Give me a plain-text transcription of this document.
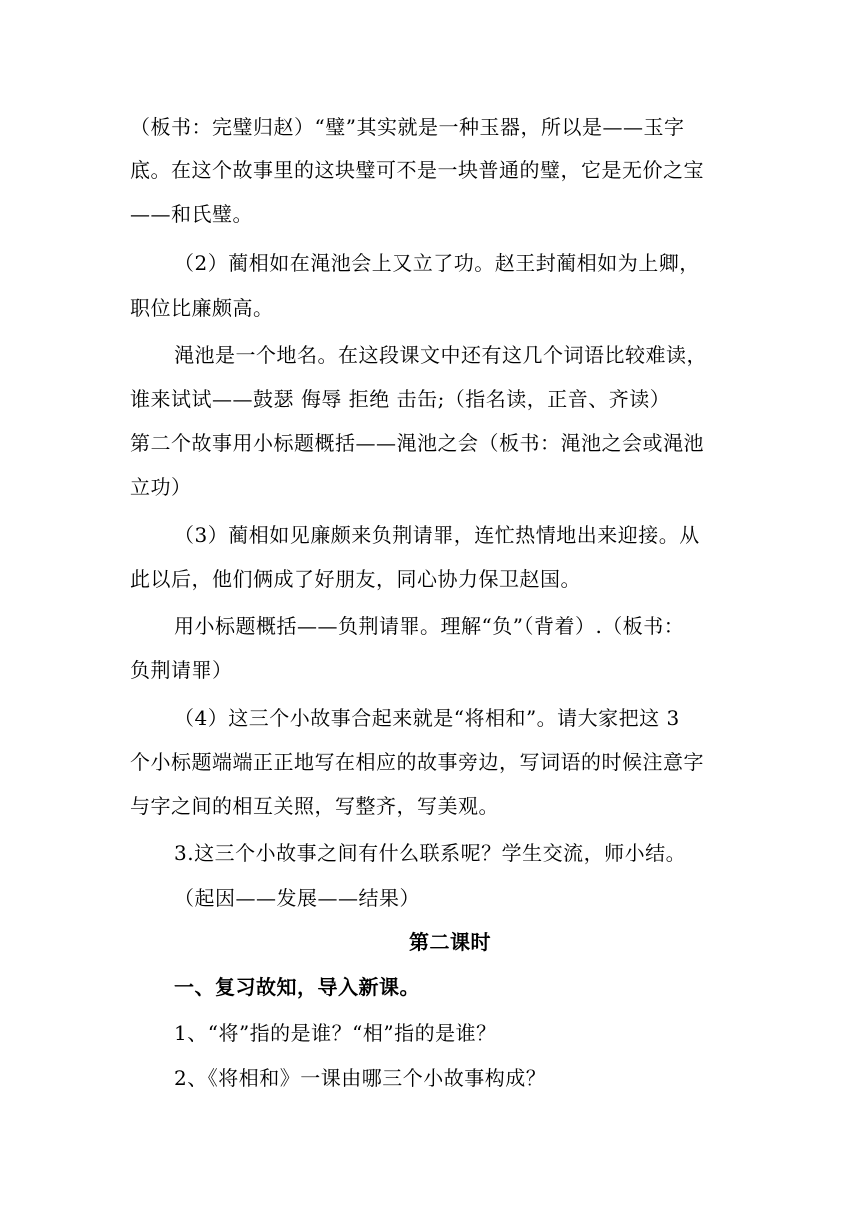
（板书：完璧归赵）“璧”其实就是一种玉器，所以是——玉字
底。在这个故事里的这块璧可不是一块普通的璧，它是无价之宝
——和氏璧。
（2）蔺相如在渑池会上又立了功。赵王封蔺相如为上卿，
职位比廉颇高。
渑池是一个地名。在这段课文中还有这几个词语比较难读，
谁来试试——鼓瑟 侮辱 拒绝 击缶;（指名读，正音、齐读）
第二个故事用小标题概括——渑池之会（板书：渑池之会或渑池
立功）
（3）蔺相如见廉颇来负荆请罪，连忙热情地出来迎接。从
此以后，他们俩成了好朋友，同心协力保卫赵国。
用小标题概括——负荆请罪。理解“负”（背着）.（板书：
负荆请罪）
（4）这三个小故事合起来就是“将相和”。请大家把这 3
个小标题端端正正地写在相应的故事旁边，写词语的时候注意字
与字之间的相互关照，写整齐，写美观。
3.这三个小故事之间有什么联系呢？学生交流，师小结。
（起因——发展——结果）
第二课时
一、复习故知，导入新课。
1、“将”指的是谁？“相”指的是谁？
2、《将相和》一课由哪三个小故事构成？
